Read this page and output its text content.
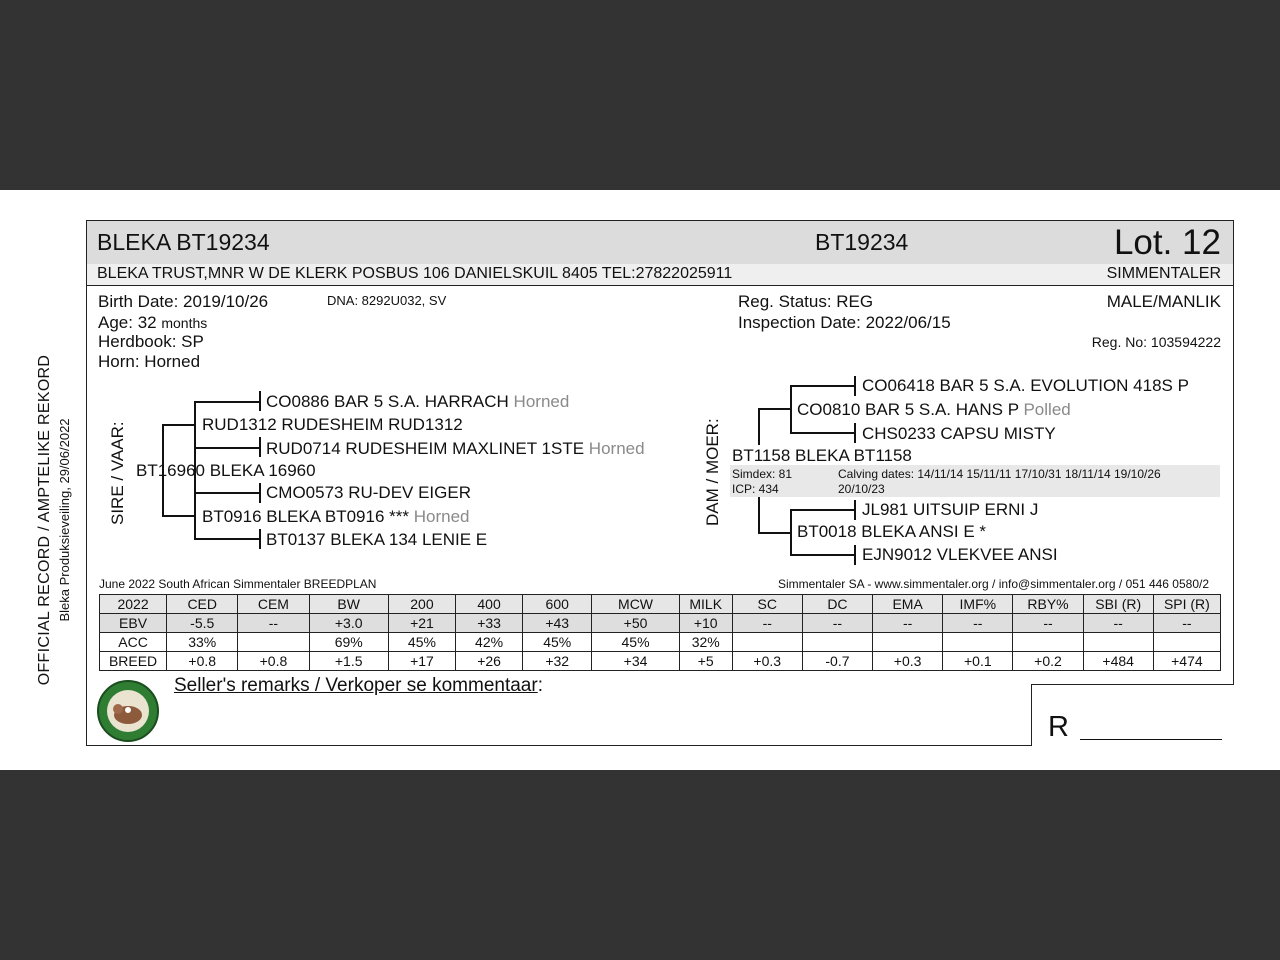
OFFICIAL RECORD / AMPTELIKE REKORD Bleka Produksieveiling, 29/06/2022
BLEKA BT19234	BT19234	Lot. 12
BLEKA TRUST,MNR W DE KLERK POSBUS 106 DANIELSKUIL 8405 TEL:27822025911	SIMMENTALER
Birth Date: 2019/10/26	DNA: 8292U032, SV
Age: 32 months
Herdbook: SP
Horn: Horned
Reg. Status: REG
Inspection Date: 2022/06/15
MALE/MANLIK
Reg. No: 103594222
SIRE / VAAR:
CO0886 BAR 5 S.A. HARRACH Horned
RUD1312 RUDESHEIM RUD1312
RUD0714 RUDESHEIM MAXLINET 1STE Horned
BT16960 BLEKA 16960
CMO0573 RU-DEV EIGER
BT0916 BLEKA BT0916 *** Horned
BT0137 BLEKA 134 LENIE E
DAM / MOER:
CO06418 BAR 5 S.A. EVOLUTION 418S P
CO0810 BAR 5 S.A. HANS P Polled
CHS0233 CAPSU MISTY
BT1158 BLEKA BT1158
Simdex: 81
ICP: 434
Calving dates: 14/11/14 15/11/11 17/10/31 18/11/14 19/10/26
20/10/23
JL981 UITSUIP ERNI J
BT0018 BLEKA ANSI E *
EJN9012 VLEKVEE ANSI
June 2022 South African Simmentaler BREEDPLAN	Simmentaler SA - www.simmentaler.org / info@simmentaler.org / 051 446 0580/2
2022	CED	CEM	BW	200	400	600	MCW	MILK	SC	DC	EMA	IMF%	RBY%	SBI (R)	SPI (R)
EBV	-5.5	--	+3.0	+21	+33	+43	+50	+10	--	--	--	--	--	--	--
ACC	33%		69%	45%	42%	45%	45%	32%							
BREED	+0.8	+0.8	+1.5	+17	+26	+32	+34	+5	+0.3	-0.7	+0.3	+0.1	+0.2	+484	+474
Seller's remarks / Verkoper se kommentaar:
R
